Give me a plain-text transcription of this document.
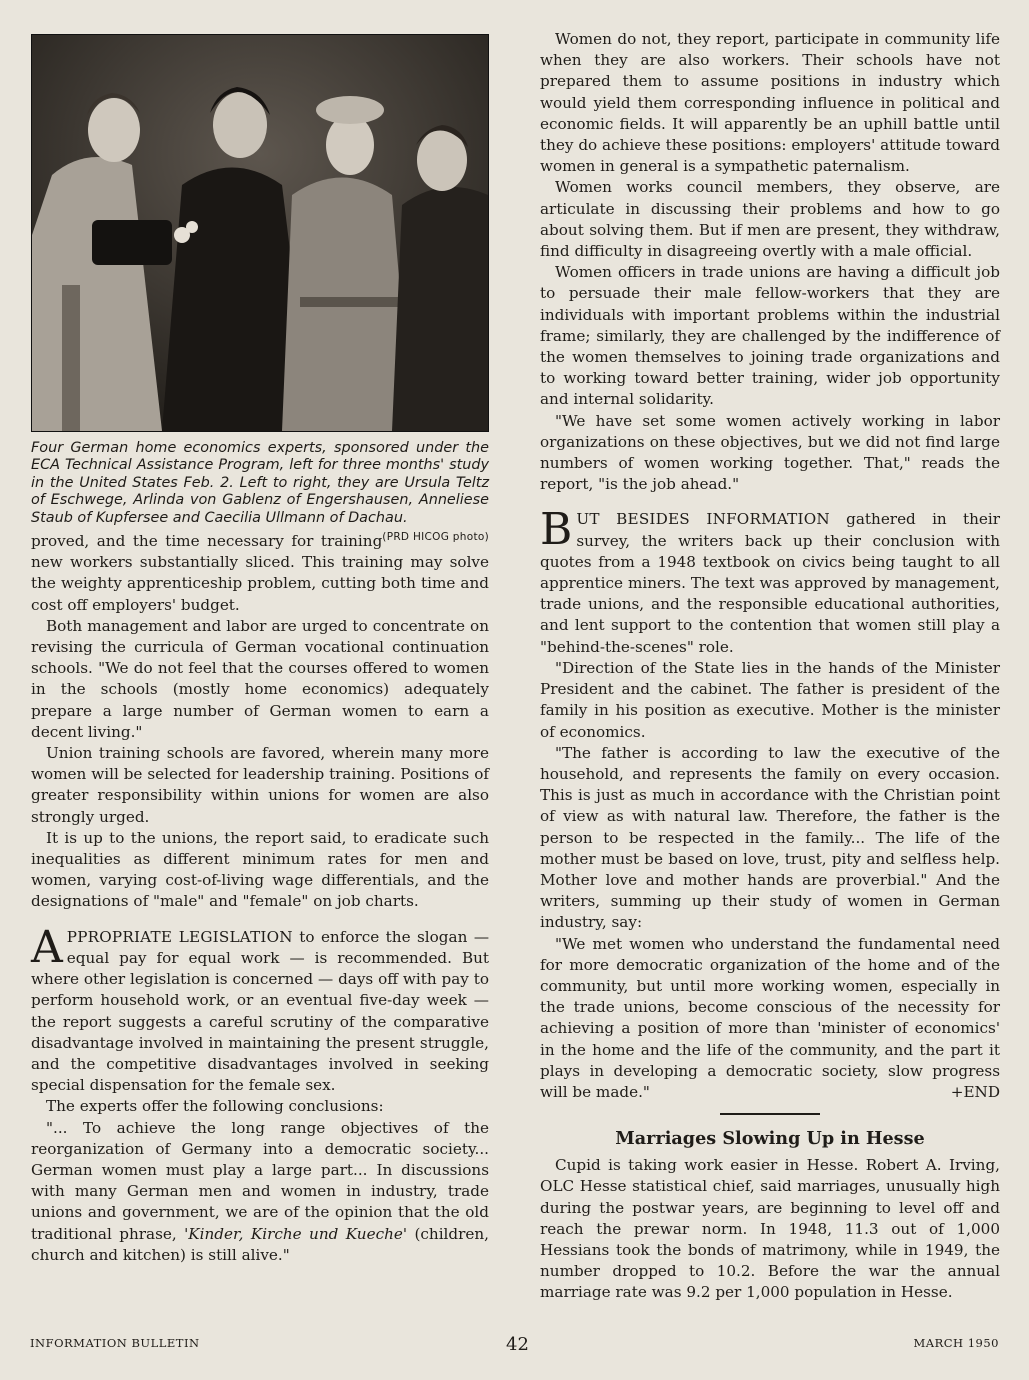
Four German home economics experts, sponsored under the ECA Technical Assistance Program, left for three months' study in the United States Feb. 2. Left to right, they are Ursula Teltz of Eschwege, Arlinda von Gablenz of Engershausen, Anneliese Staub of Kupfersee and Caecilia Ullmann of Dachau.
(PRD HICOG photo)

proved, and the time necessary for training new workers substantially sliced. This training may solve the weighty apprenticeship problem, cutting both time and cost off employers' budget.

Both management and labor are urged to concentrate on revising the curricula of German vocational continuation schools. "We do not feel that the courses offered to women in the schools (mostly home economics) adequately prepare a large number of German women to earn a decent living."

Union training schools are favored, wherein many more women will be selected for leadership training. Positions of greater responsibility within unions for women are also strongly urged.

It is up to the unions, the report said, to eradicate such inequalities as different minimum rates for men and women, varying cost-of-living wage differentials, and the designations of "male" and "female" on job charts.

APPROPRIATE LEGISLATION to enforce the slogan — equal pay for equal work — is recommended. But where other legislation is concerned — days off with pay to perform household work, or an eventual five-day week — the report suggests a careful scrutiny of the comparative disadvantage involved in maintaining the present struggle, and the competitive disadvantages involved in seeking special dispensation for the female sex.

The experts offer the following conclusions:

"... To achieve the long range objectives of the reorganization of Germany into a democratic society... German women must play a large part... In discussions with many German men and women in industry, trade unions and government, we are of the opinion that the old traditional phrase, 'Kinder, Kirche und Kueche' (children, church and kitchen) is still alive."

Women do not, they report, participate in community life when they are also workers. Their schools have not prepared them to assume positions in industry which would yield them corresponding influence in political and economic fields. It will apparently be an uphill battle until they do achieve these positions: employers' attitude toward women in general is a sympathetic paternalism.

Women works council members, they observe, are articulate in discussing their problems and how to go about solving them. But if men are present, they withdraw, find difficulty in disagreeing overtly with a male official.

Women officers in trade unions are having a difficult job to persuade their male fellow-workers that they are individuals with important problems within the industrial frame; similarly, they are challenged by the indifference of the women themselves to joining trade organizations and to working toward better training, wider job opportunity and internal solidarity.

"We have set some women actively working in labor organizations on these objectives, but we did not find large numbers of women working together. That," reads the report, "is the job ahead."

BUT BESIDES INFORMATION gathered in their survey, the writers back up their conclusion with quotes from a 1948 textbook on civics being taught to all apprentice miners. The text was approved by management, trade unions, and the responsible educational authorities, and lent support to the contention that women still play a "behind-the-scenes" role.

"Direction of the State lies in the hands of the Minister President and the cabinet. The father is president of the family in his position as executive. Mother is the minister of economics.

"The father is according to law the executive of the household, and represents the family on every occasion. This is just as much in accordance with the Christian point of view as with natural law. Therefore, the father is the person to be respected in the family... The life of the mother must be based on love, trust, pity and selfless help. Mother love and mother hands are proverbial." And the writers, summing up their study of women in German industry, say:

"We met women who understand the fundamental need for more democratic organization of the home and of the community, but until more working women, especially in the trade unions, become conscious of the necessity for achieving a position of more than 'minister of economics' in the home and the life of the community, and the part it plays in developing a democratic society, slow progress will be made."	+END

Marriages Slowing Up in Hesse

Cupid is taking work easier in Hesse. Robert A. Irving, OLC Hesse statistical chief, said marriages, unusually high during the postwar years, are beginning to level off and reach the prewar norm. In 1948, 11.3 out of 1,000 Hessians took the bonds of matrimony, while in 1949, the number dropped to 10.2. Before the war the annual marriage rate was 9.2 per 1,000 population in Hesse.

INFORMATION BULLETIN	42	MARCH 1950
